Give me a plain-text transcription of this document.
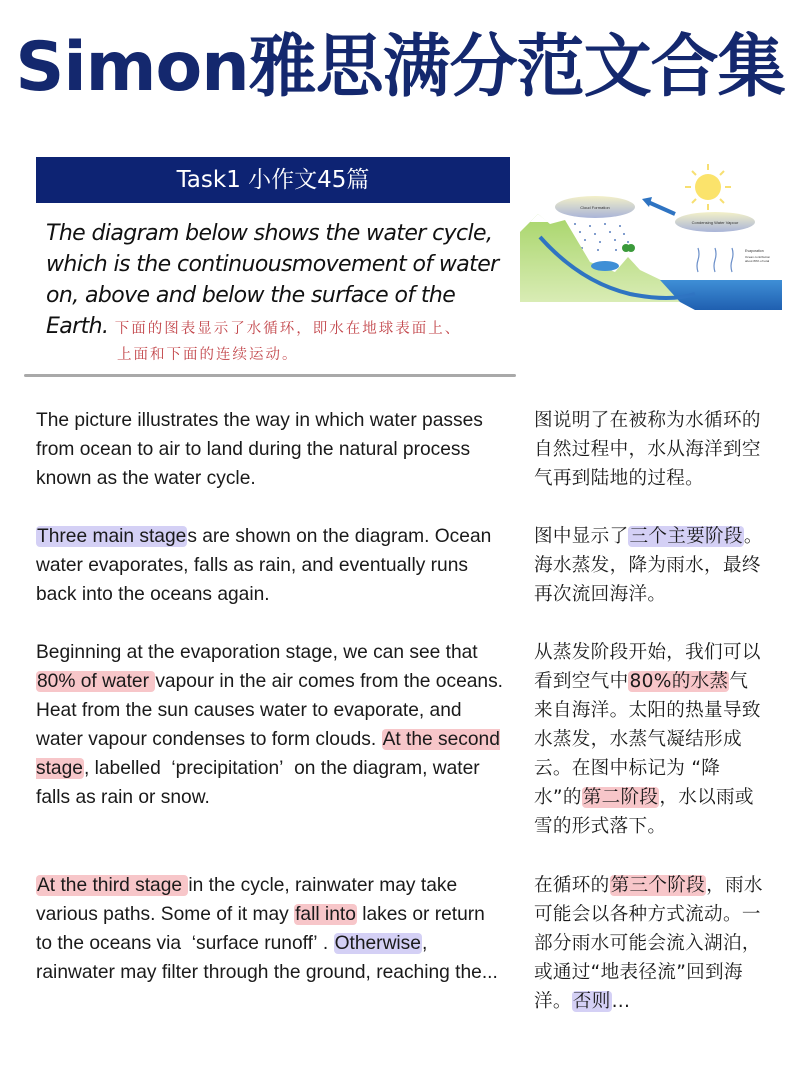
Simon雅思满分范文合集
Task1 小作文45篇
The diagram below shows the water cycle,
which is the continuousmovement of water
on, above and below the surface of the
Earth. 下面的图表显示了水循环，即水在地球表面上、
上面和下面的连续运动。
Cloud Formation
Condensing Water Vapour
Evaporation
Ocean contribution
about 80% of total
The picture illustrates the way in which water passes from ocean to air to land during the natural process known as the water cycle.
图说明了在被称为水循环的自然过程中，水从海洋到空气再到陆地的过程。
Three main stages are shown on the diagram. Ocean water evaporates, falls as rain, and eventually runs back into the oceans again.
图中显示了三个主要阶段。海水蒸发，降为雨水，最终再次流回海洋。
Beginning at the evaporation stage, we can see that 80% of water vapour in the air comes from the oceans. Heat from the sun causes water to evaporate, and water vapour condenses to form clouds. At the second stage, labelled  ‘precipitation’  on the diagram, water falls as rain or snow.
从蒸发阶段开始，我们可以看到空气中80%的水蒸气来自海洋。太阳的热量导致水蒸发，水蒸气凝结形成云。在图中标记为 “降水”的第二阶段，水以雨或雪的形式落下。
At the third stage in the cycle, rainwater may take various paths. Some of it may fall into lakes or return to the oceans via  ‘surface runoff’ . Otherwise, rainwater may filter through the ground, reaching the...
在循环的第三个阶段，雨水可能会以各种方式流动。一部分雨水可能会流入湖泊，或通过“地表径流”回到海洋。否则...
